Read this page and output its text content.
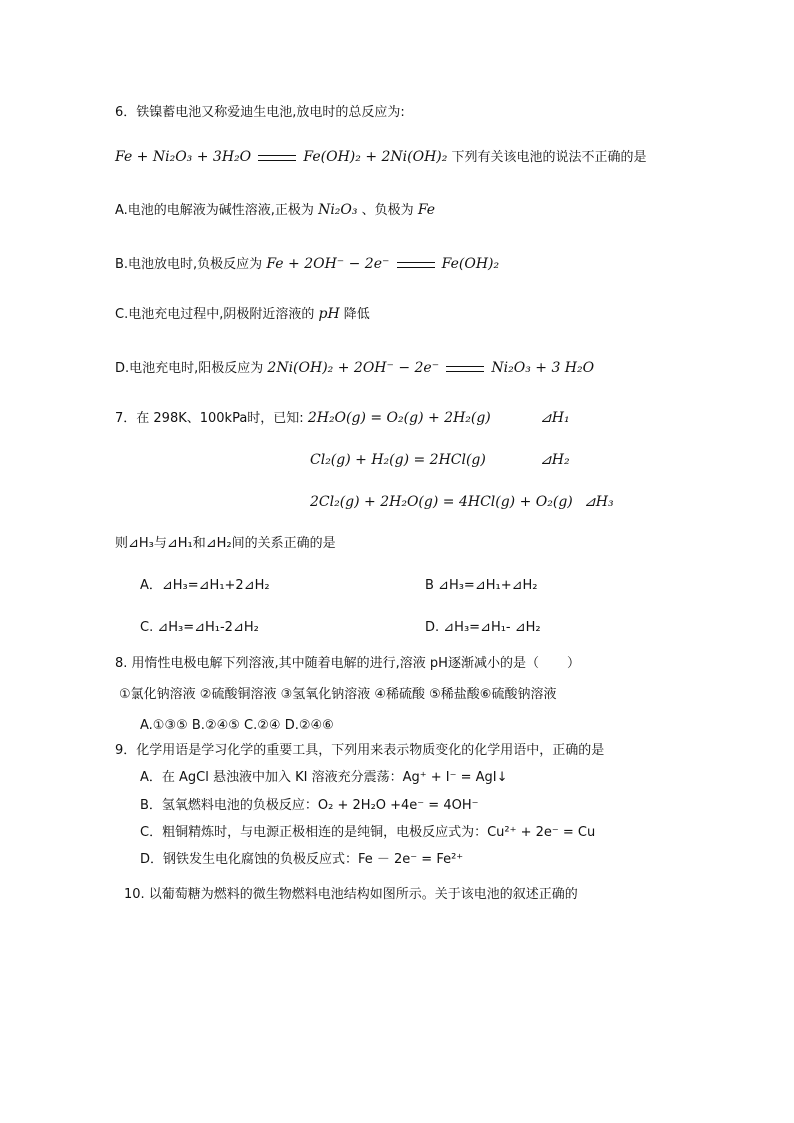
6．铁镍蓄电池又称爱迪生电池,放电时的总反应为:
Fe + Ni₂O₃ + 3H₂O	Fe(OH)₂ + 2Ni(OH)₂ 下列有关该电池的说法不正确的是
A.电池的电解液为碱性溶液,正极为 Ni₂O₃ 、负极为 Fe
B.电池放电时,负极反应为 Fe + 2OH⁻ − 2e⁻	Fe(OH)₂
C.电池充电过程中,阴极附近溶液的 pH 降低
D.电池充电时,阳极反应为 2Ni(OH)₂ + 2OH⁻ − 2e⁻	Ni₂O₃ + 3 H₂O
7．在 298K、100kPa时，已知: 2H₂O(g) = O₂(g) + 2H₂(g)	⊿H₁
Cl₂(g) + H₂(g) = 2HCl(g)	⊿H₂
2Cl₂(g) + 2H₂O(g) = 4HCl(g) + O₂(g) ⊿H₃
则⊿H₃与⊿H₁和⊿H₂间的关系正确的是
A．⊿H₃=⊿H₁+2⊿H₂	B ⊿H₃=⊿H₁+⊿H₂
C. ⊿H₃=⊿H₁-2⊿H₂	D. ⊿H₃=⊿H₁- ⊿H₂
8. 用惰性电极电解下列溶液,其中随着电解的进行,溶液 pH逐渐减小的是（ ）
①氯化钠溶液 ②硫酸铜溶液 ③氢氧化钠溶液 ④稀硫酸 ⑤稀盐酸⑥硫酸钠溶液
A.①③⑤ B.②④⑤ C.②④ D.②④⑥
9．化学用语是学习化学的重要工具，下列用来表示物质变化的化学用语中，正确的是
A．在 AgCl 悬浊液中加入 KI 溶液充分震荡：Ag⁺ + I⁻ = AgI↓
B．氢氧燃料电池的负极反应：O₂ + 2H₂O +4e⁻ = 4OH⁻
C．粗铜精炼时，与电源正极相连的是纯铜，电极反应式为：Cu²⁺ + 2e⁻ = Cu
D．钢铁发生电化腐蚀的负极反应式：Fe － 2e⁻ = Fe²⁺
10. 以葡萄糖为燃料的微生物燃料电池结构如图所示。关于该电池的叙述正确的
